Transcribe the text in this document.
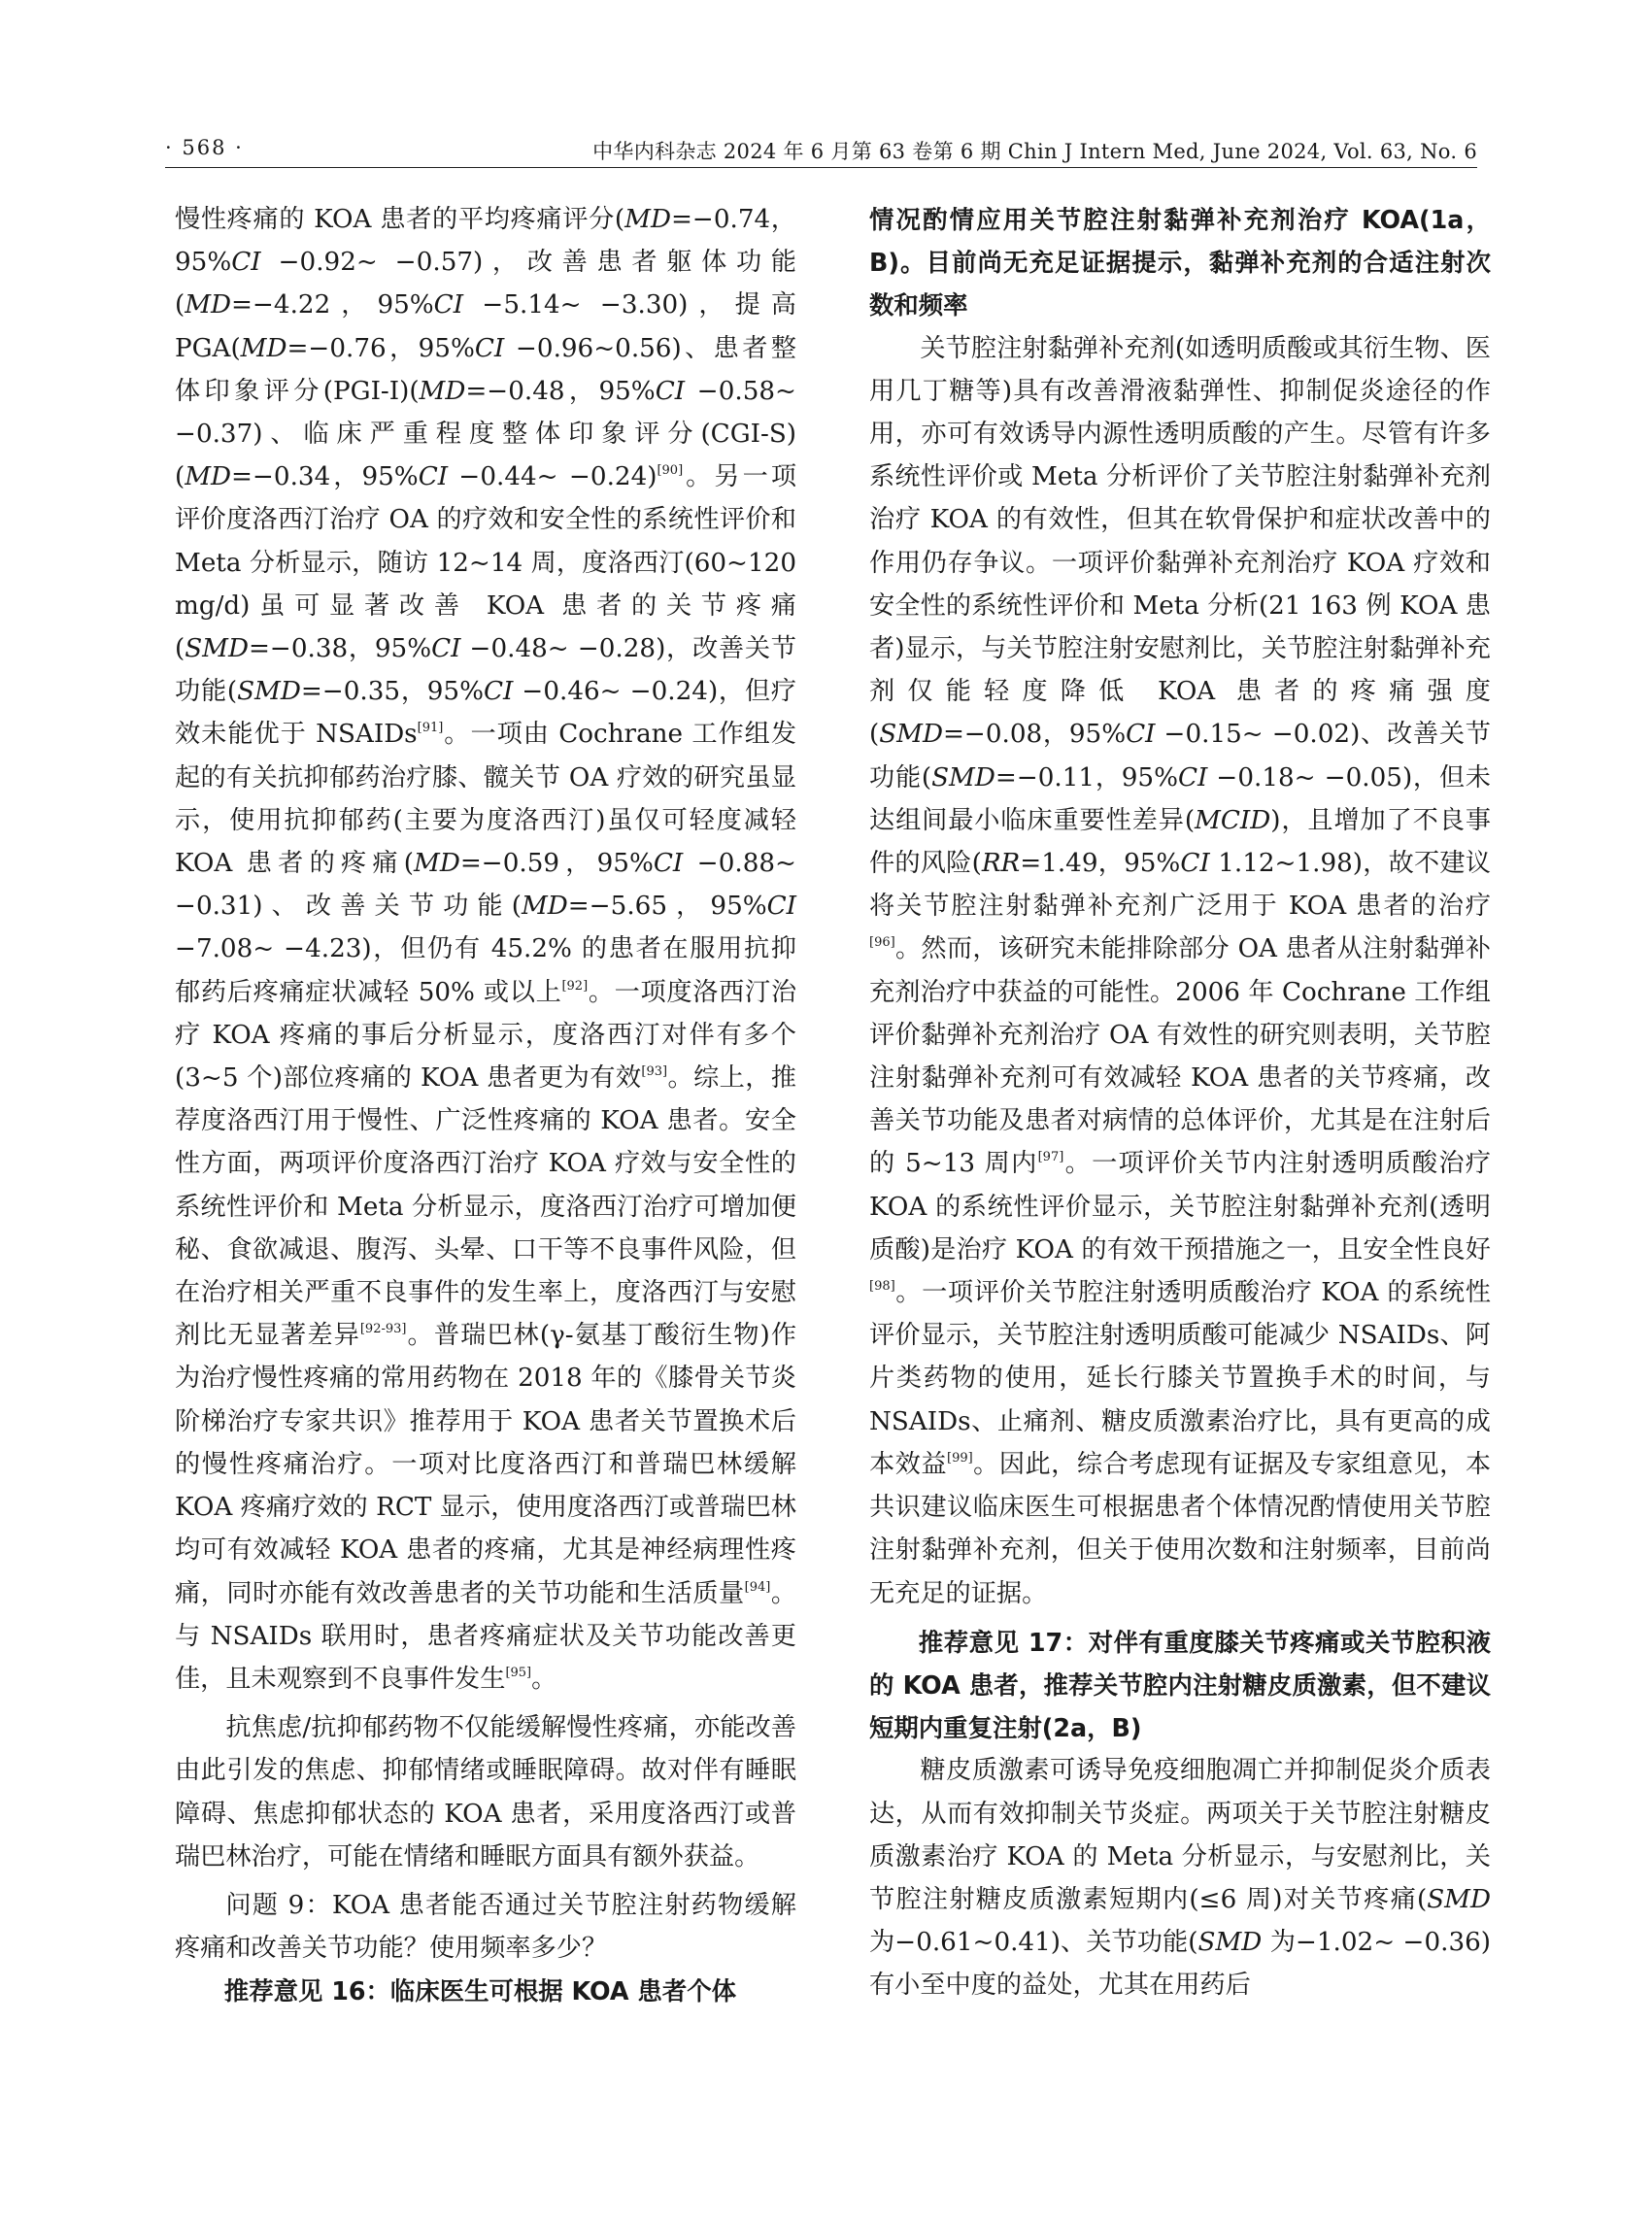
· 568 ·	中华内科杂志 2024 年 6 月第 63 卷第 6 期 Chin J Intern Med, June 2024, Vol. 63, No. 6

慢性疼痛的 KOA 患者的平均疼痛评分(MD=−0.74，95%CI −0.92~ −0.57)，改善患者躯体功能(MD=−4.22，95%CI −5.14~ −3.30)，提高 PGA(MD=−0.76，95%CI −0.96~0.56)、患者整体印象评分(PGI-I)(MD=−0.48，95%CI −0.58~ −0.37)、临床严重程度整体印象评分(CGI-S)(MD=−0.34，95%CI −0.44~ −0.24)[90]。另一项评价度洛西汀治疗 OA 的疗效和安全性的系统性评价和 Meta 分析显示，随访 12~14 周，度洛西汀(60~120 mg/d)虽可显著改善 KOA 患者的关节疼痛(SMD=−0.38，95%CI −0.48~ −0.28)，改善关节功能(SMD=−0.35，95%CI −0.46~ −0.24)，但疗效未能优于 NSAIDs[91]。一项由 Cochrane 工作组发起的有关抗抑郁药治疗膝、髋关节 OA 疗效的研究虽显示，使用抗抑郁药(主要为度洛西汀)虽仅可轻度减轻 KOA 患者的疼痛(MD=−0.59，95%CI −0.88~ −0.31)、改善关节功能(MD=−5.65，95%CI −7.08~ −4.23)，但仍有 45.2% 的患者在服用抗抑郁药后疼痛症状减轻 50% 或以上[92]。一项度洛西汀治疗 KOA 疼痛的事后分析显示，度洛西汀对伴有多个(3~5 个)部位疼痛的 KOA 患者更为有效[93]。综上，推荐度洛西汀用于慢性、广泛性疼痛的 KOA 患者。安全性方面，两项评价度洛西汀治疗 KOA 疗效与安全性的系统性评价和 Meta 分析显示，度洛西汀治疗可增加便秘、食欲减退、腹泻、头晕、口干等不良事件风险，但在治疗相关严重不良事件的发生率上，度洛西汀与安慰剂比无显著差异[92-93]。普瑞巴林(γ-氨基丁酸衍生物)作为治疗慢性疼痛的常用药物在 2018 年的《膝骨关节炎阶梯治疗专家共识》推荐用于 KOA 患者关节置换术后的慢性疼痛治疗。一项对比度洛西汀和普瑞巴林缓解 KOA 疼痛疗效的 RCT 显示，使用度洛西汀或普瑞巴林均可有效减轻 KOA 患者的疼痛，尤其是神经病理性疼痛，同时亦能有效改善患者的关节功能和生活质量[94]。与 NSAIDs 联用时，患者疼痛症状及关节功能改善更佳，且未观察到不良事件发生[95]。

抗焦虑/抗抑郁药物不仅能缓解慢性疼痛，亦能改善由此引发的焦虑、抑郁情绪或睡眠障碍。故对伴有睡眠障碍、焦虑抑郁状态的 KOA 患者，采用度洛西汀或普瑞巴林治疗，可能在情绪和睡眠方面具有额外获益。

问题 9：KOA 患者能否通过关节腔注射药物缓解疼痛和改善关节功能？使用频率多少？

推荐意见 16：临床医生可根据 KOA 患者个体

情况酌情应用关节腔注射黏弹补充剂治疗 KOA(1a， B)。目前尚无充足证据提示，黏弹补充剂的合适注射次数和频率

关节腔注射黏弹补充剂(如透明质酸或其衍生物、医用几丁糖等)具有改善滑液黏弹性、抑制促炎途径的作用，亦可有效诱导内源性透明质酸的产生。尽管有许多系统性评价或 Meta 分析评价了关节腔注射黏弹补充剂治疗 KOA 的有效性，但其在软骨保护和症状改善中的作用仍存争议。一项评价黏弹补充剂治疗 KOA 疗效和安全性的系统性评价和 Meta 分析(21 163 例 KOA 患者)显示，与关节腔注射安慰剂比，关节腔注射黏弹补充剂仅能轻度降低 KOA 患者的疼痛强度(SMD=−0.08，95%CI −0.15~ −0.02)、改善关节功能(SMD=−0.11，95%CI −0.18~ −0.05)，但未达组间最小临床重要性差异(MCID)，且增加了不良事件的风险(RR=1.49，95%CI 1.12~1.98)，故不建议将关节腔注射黏弹补充剂广泛用于 KOA 患者的治疗[96]。然而，该研究未能排除部分 OA 患者从注射黏弹补充剂治疗中获益的可能性。2006 年 Cochrane 工作组评价黏弹补充剂治疗 OA 有效性的研究则表明，关节腔注射黏弹补充剂可有效减轻 KOA 患者的关节疼痛，改善关节功能及患者对病情的总体评价，尤其是在注射后的 5~13 周内[97]。一项评价关节内注射透明质酸治疗 KOA 的系统性评价显示，关节腔注射黏弹补充剂(透明质酸)是治疗 KOA 的有效干预措施之一，且安全性良好[98]。一项评价关节腔注射透明质酸治疗 KOA 的系统性评价显示，关节腔注射透明质酸可能减少 NSAIDs、阿片类药物的使用，延长行膝关节置换手术的时间，与 NSAIDs、止痛剂、糖皮质激素治疗比，具有更高的成本效益[99]。因此，综合考虑现有证据及专家组意见，本共识建议临床医生可根据患者个体情况酌情使用关节腔注射黏弹补充剂，但关于使用次数和注射频率，目前尚无充足的证据。

推荐意见 17：对伴有重度膝关节疼痛或关节腔积液的 KOA 患者，推荐关节腔内注射糖皮质激素，但不建议短期内重复注射(2a，B)

糖皮质激素可诱导免疫细胞凋亡并抑制促炎介质表达，从而有效抑制关节炎症。两项关于关节腔注射糖皮质激素治疗 KOA 的 Meta 分析显示，与安慰剂比，关节腔注射糖皮质激素短期内(≤6 周)对关节疼痛(SMD 为−0.61~0.41)、关节功能(SMD 为−1.02~ −0.36)有小至中度的益处，尤其在用药后
